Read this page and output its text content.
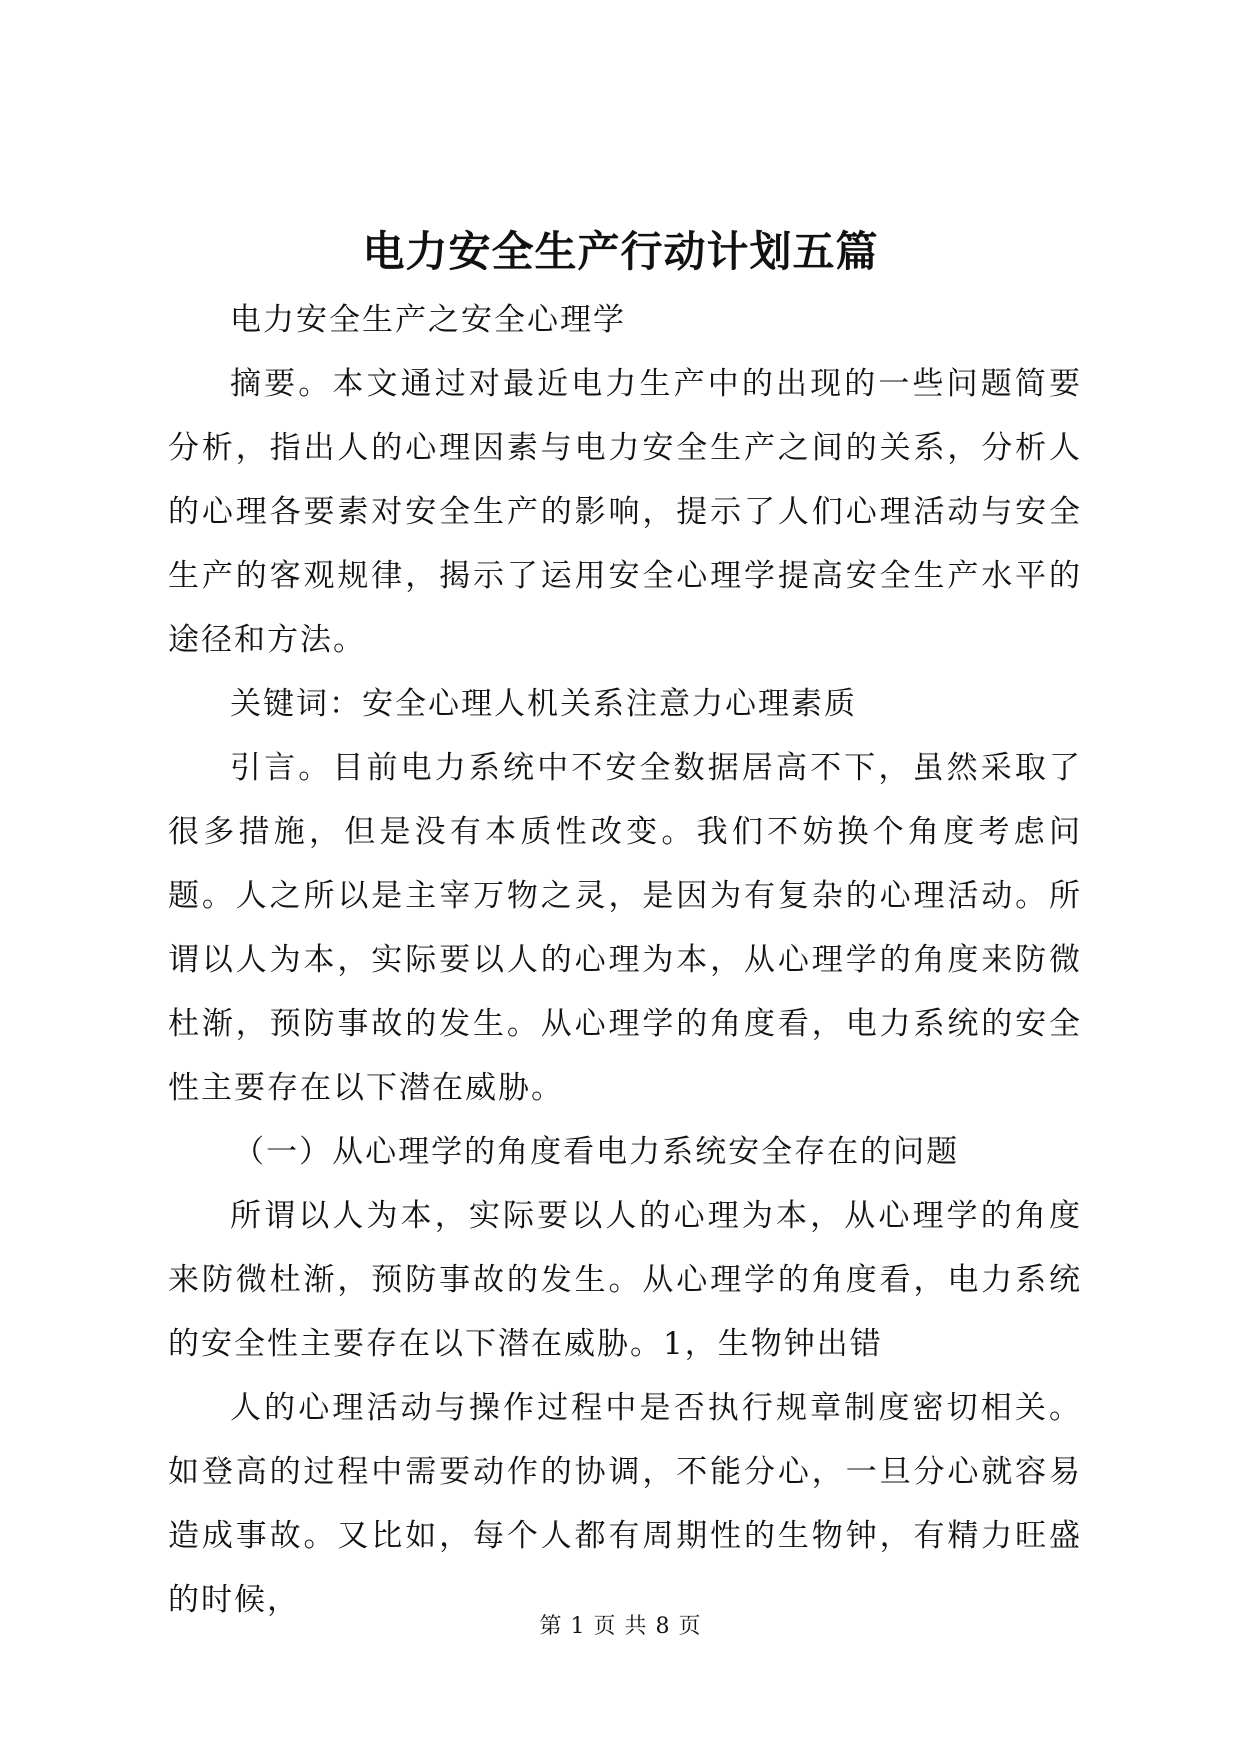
电力安全生产行动计划五篇

电力安全生产之安全心理学

摘要。本文通过对最近电力生产中的出现的一些问题简要分析，指出人的心理因素与电力安全生产之间的关系，分析人的心理各要素对安全生产的影响，提示了人们心理活动与安全生产的客观规律，揭示了运用安全心理学提高安全生产水平的途径和方法。

关键词：安全心理人机关系注意力心理素质

引言。目前电力系统中不安全数据居高不下，虽然采取了很多措施，但是没有本质性改变。我们不妨换个角度考虑问题。人之所以是主宰万物之灵，是因为有复杂的心理活动。所谓以人为本，实际要以人的心理为本，从心理学的角度来防微杜渐，预防事故的发生。从心理学的角度看，电力系统的安全性主要存在以下潜在威胁。

（一）从心理学的角度看电力系统安全存在的问题

所谓以人为本，实际要以人的心理为本，从心理学的角度来防微杜渐，预防事故的发生。从心理学的角度看，电力系统的安全性主要存在以下潜在威胁。1，生物钟出错

人的心理活动与操作过程中是否执行规章制度密切相关。如登高的过程中需要动作的协调，不能分心，一旦分心就容易造成事故。又比如，每个人都有周期性的生物钟，有精力旺盛的时候，

第 1 页 共 8 页
